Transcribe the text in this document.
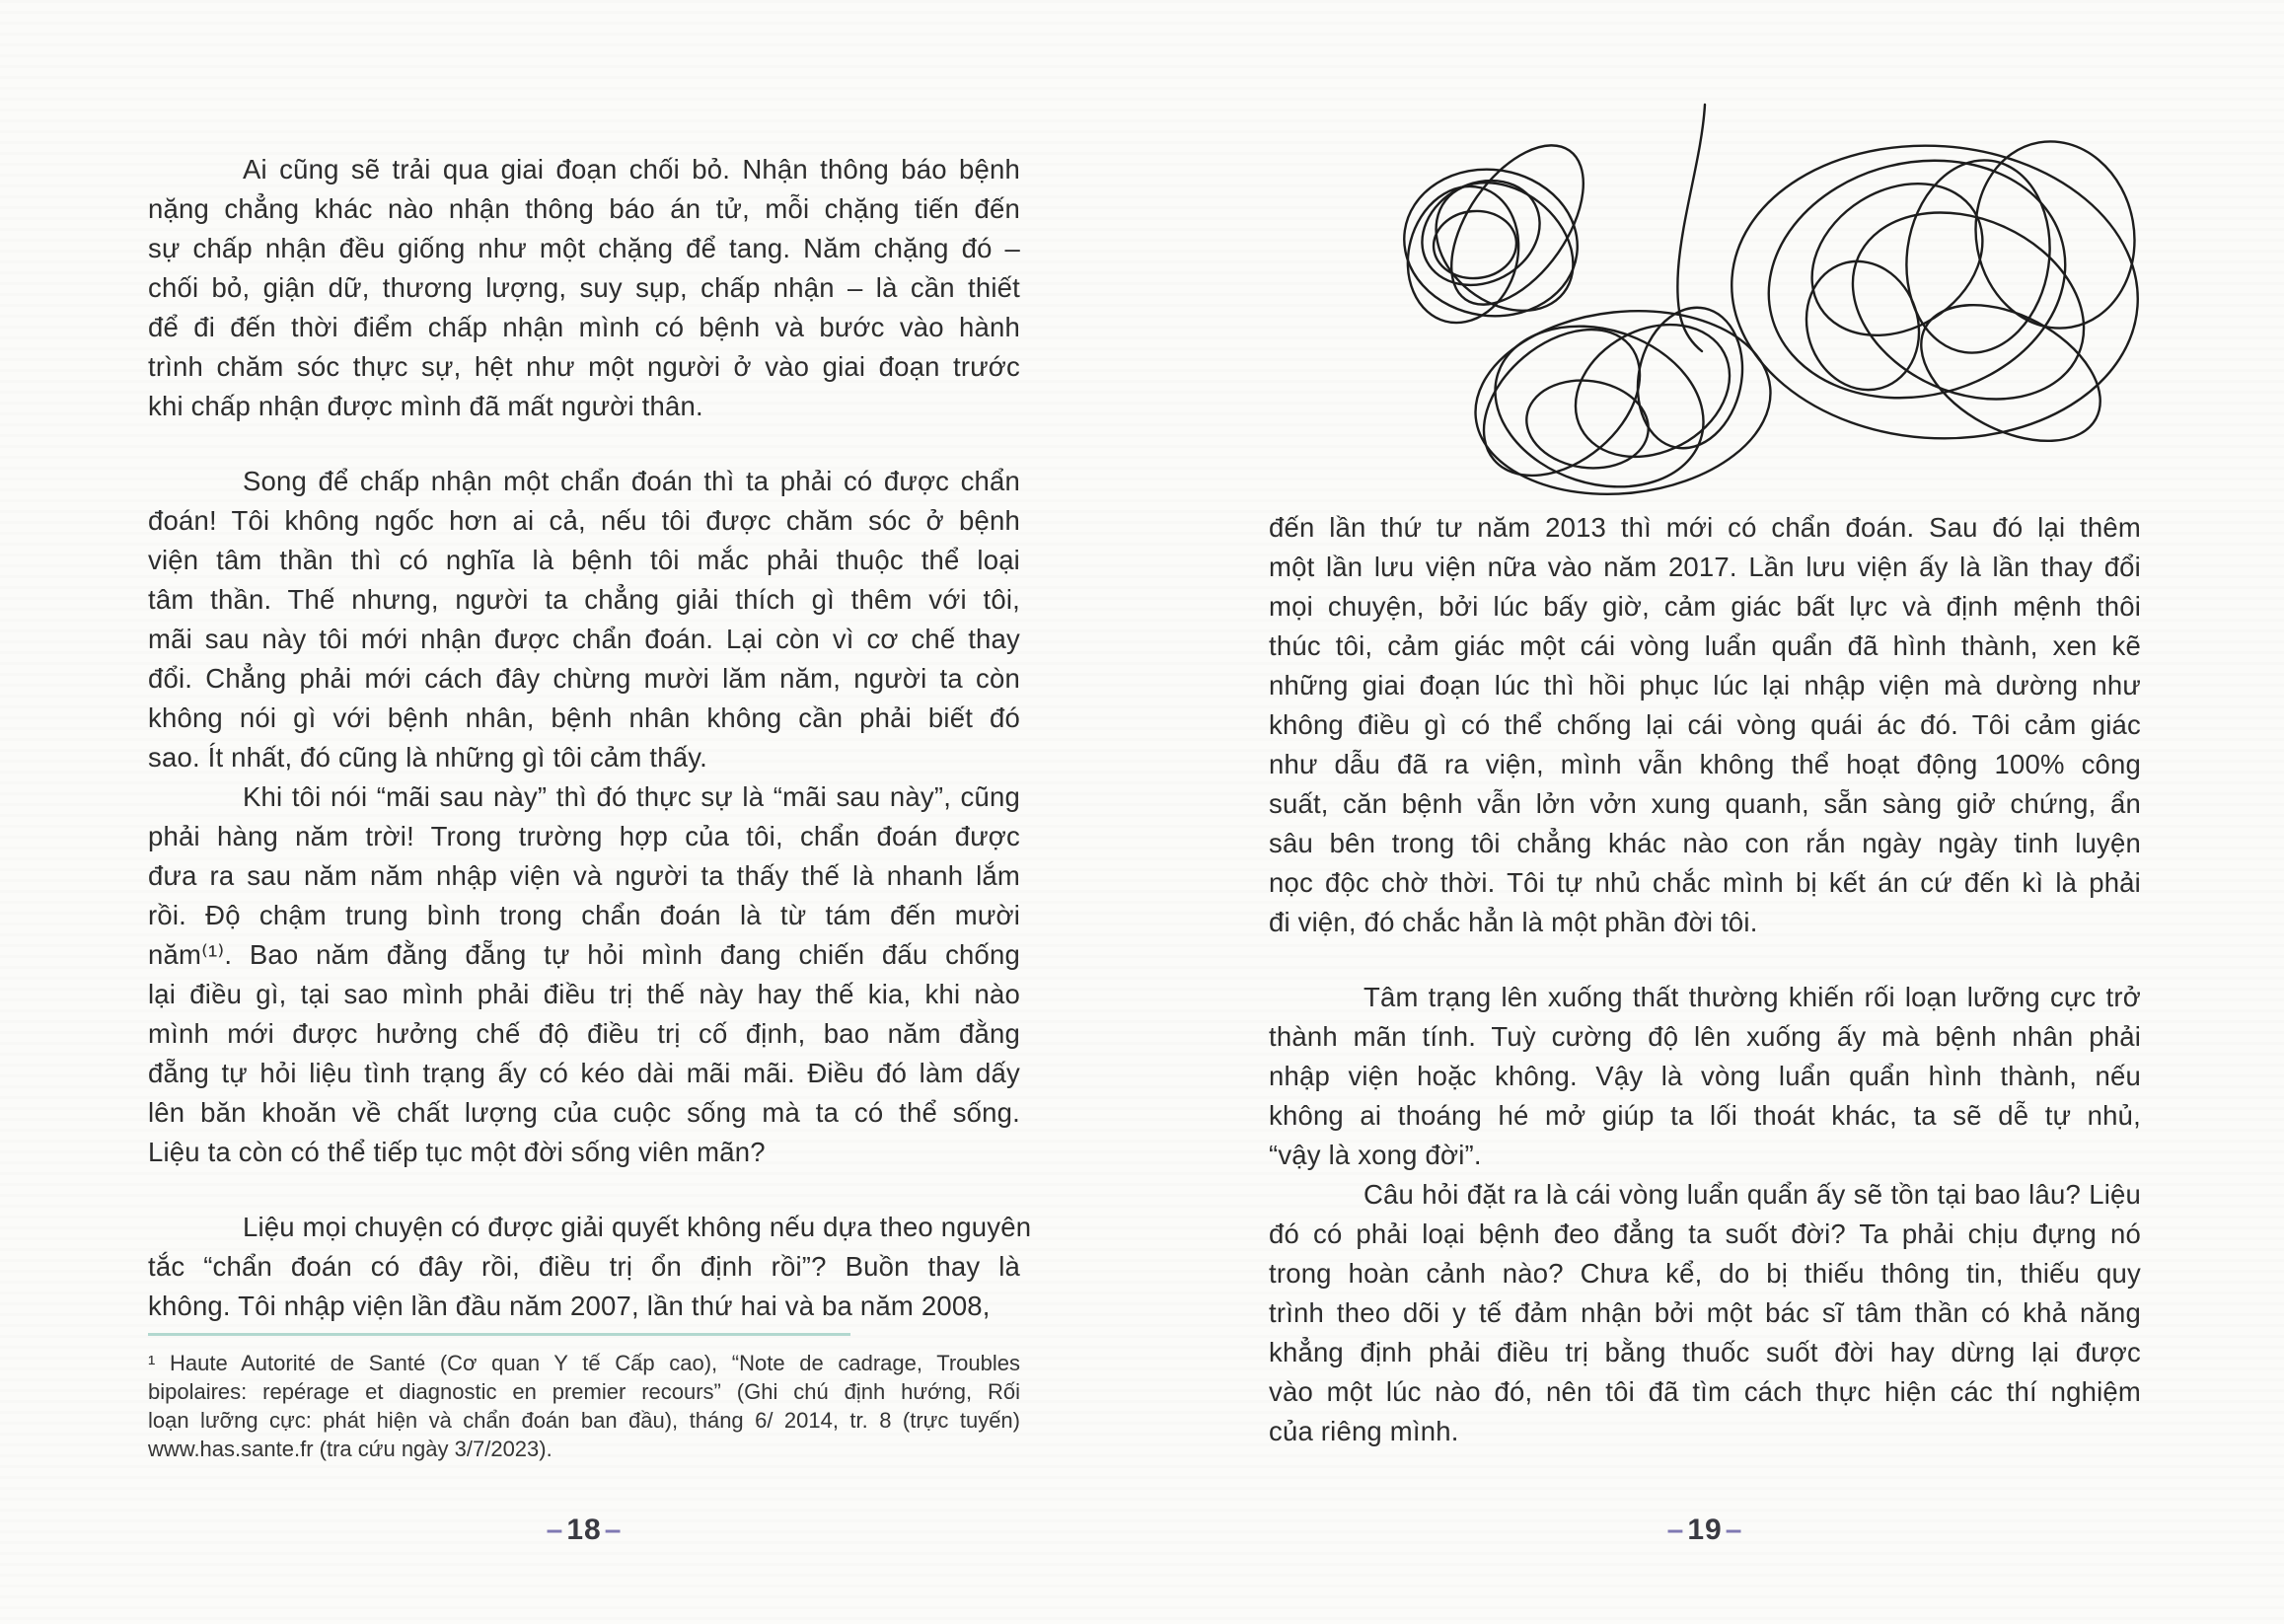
Ai cũng sẽ trải qua giai đoạn chối bỏ. Nhận thông báo bệnh
nặng chẳng khác nào nhận thông báo án tử, mỗi chặng tiến đến
sự chấp nhận đều giống như một chặng để tang. Năm chặng đó –
chối bỏ, giận dữ, thương lượng, suy sụp, chấp nhận – là cần thiết
để đi đến thời điểm chấp nhận mình có bệnh và bước vào hành
trình chăm sóc thực sự, hệt như một người ở vào giai đoạn trước
khi chấp nhận được mình đã mất người thân.
Song để chấp nhận một chẩn đoán thì ta phải có được chẩn
đoán! Tôi không ngốc hơn ai cả, nếu tôi được chăm sóc ở bệnh
viện tâm thần thì có nghĩa là bệnh tôi mắc phải thuộc thể loại
tâm thần. Thế nhưng, người ta chẳng giải thích gì thêm với tôi,
mãi sau này tôi mới nhận được chẩn đoán. Lại còn vì cơ chế thay
đổi. Chẳng phải mới cách đây chừng mười lăm năm, người ta còn
không nói gì với bệnh nhân, bệnh nhân không cần phải biết đó
sao. Ít nhất, đó cũng là những gì tôi cảm thấy.
Khi tôi nói “mãi sau này” thì đó thực sự là “mãi sau này”, cũng
phải hàng năm trời! Trong trường hợp của tôi, chẩn đoán được
đưa ra sau năm năm nhập viện và người ta thấy thế là nhanh lắm
rồi. Độ chậm trung bình trong chẩn đoán là từ tám đến mười
năm⁽¹⁾. Bao năm đằng đẵng tự hỏi mình đang chiến đấu chống
lại điều gì, tại sao mình phải điều trị thế này hay thế kia, khi nào
mình mới được hưởng chế độ điều trị cố định, bao năm đằng
đẵng tự hỏi liệu tình trạng ấy có kéo dài mãi mãi. Điều đó làm dấy
lên băn khoăn về chất lượng của cuộc sống mà ta có thể sống.
Liệu ta còn có thể tiếp tục một đời sống viên mãn?
Liệu mọi chuyện có được giải quyết không nếu dựa theo nguyên
tắc “chẩn đoán có đây rồi, điều trị ổn định rồi”? Buồn thay là
không. Tôi nhập viện lần đầu năm 2007, lần thứ hai và ba năm 2008,
¹ Haute Autorité de Santé (Cơ quan Y tế Cấp cao), “Note de cadrage, Troubles
bipolaires: repérage et diagnostic en premier recours” (Ghi chú định hướng, Rối
loạn lưỡng cực: phát hiện và chẩn đoán ban đầu), tháng 6/ 2014, tr. 8 (trực tuyến)
www.has.sante.fr (tra cứu ngày 3/7/2023).
– 18 –
đến lần thứ tư năm 2013 thì mới có chẩn đoán. Sau đó lại thêm
một lần lưu viện nữa vào năm 2017. Lần lưu viện ấy là lần thay đổi
mọi chuyện, bởi lúc bấy giờ, cảm giác bất lực và định mệnh thôi
thúc tôi, cảm giác một cái vòng luẩn quẩn đã hình thành, xen kẽ
những giai đoạn lúc thì hồi phục lúc lại nhập viện mà dường như
không điều gì có thể chống lại cái vòng quái ác đó. Tôi cảm giác
như dẫu đã ra viện, mình vẫn không thể hoạt động 100% công
suất, căn bệnh vẫn lởn vởn xung quanh, sẵn sàng giở chứng, ẩn
sâu bên trong tôi chẳng khác nào con rắn ngày ngày tinh luyện
nọc độc chờ thời. Tôi tự nhủ chắc mình bị kết án cứ đến kì là phải
đi viện, đó chắc hẳn là một phần đời tôi.
Tâm trạng lên xuống thất thường khiến rối loạn lưỡng cực trở
thành mãn tính. Tuỳ cường độ lên xuống ấy mà bệnh nhân phải
nhập viện hoặc không. Vậy là vòng luẩn quẩn hình thành, nếu
không ai thoáng hé mở giúp ta lối thoát khác, ta sẽ dễ tự nhủ,
“vậy là xong đời”.
Câu hỏi đặt ra là cái vòng luẩn quẩn ấy sẽ tồn tại bao lâu? Liệu
đó có phải loại bệnh đeo đẳng ta suốt đời? Ta phải chịu đựng nó
trong hoàn cảnh nào? Chưa kể, do bị thiếu thông tin, thiếu quy
trình theo dõi y tế đảm nhận bởi một bác sĩ tâm thần có khả năng
khẳng định phải điều trị bằng thuốc suốt đời hay dừng lại được
vào một lúc nào đó, nên tôi đã tìm cách thực hiện các thí nghiệm
của riêng mình.
– 19 –
